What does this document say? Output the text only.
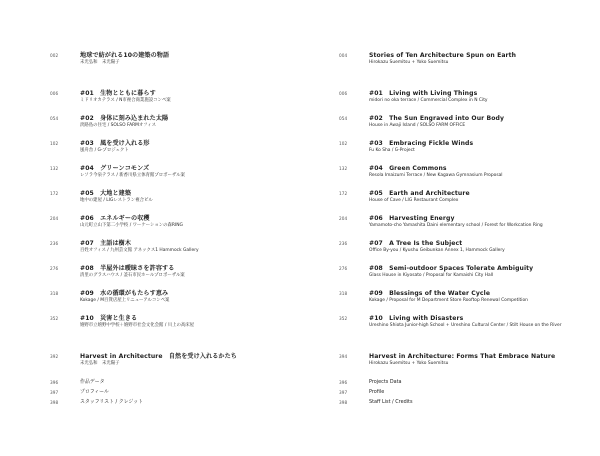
002	地球で紡がれる10の建築の物語
末光弘和　末光陽子
006	#01　生物とともに暮らす
ミドリオカテラス / N市複合商業施設コンペ案
054	#02　身体に刻み込まれた太陽
淡路島の住宅 / SOLSO FARMオフィス
102	#03　風を受け入れる形
風舟舎 / G-プロジェクト
132	#04　グリーンコモンズ
レソラ今泉テラス / 新香川県立体育館プロポーザル案
172	#05　大地と建築
地中の建屋 / LIGレストラン複合ビル
204	#06　エネルギーの収穫
山元町立山下第二小学校 / ワーケーションの森RING
236	#07　主語は樹木
百姓オフィス / 九州芸文館 アネックス1 Hammock Gallery
276	#08　半屋外は曖昧さを許容する
清里のグラスハウス / 釜石市民ホールプロポーザル案
318	#09　水の循環がもたらす恵み
Kokage / M百貨店屋上リニューアルコンペ案
352	#10　災害と生きる
嬉野市立嬉野中学校＋嬉野市社会文化会館 / 川上の高床屋
392	Harvest in Architecture　自然を受け入れるかたち
末光弘和　末光陽子
396	作品データ
397	プロフィール
398	スタッフリスト / クレジット
004	Stories of Ten Architecture Spun on Earth
Hirokazu Suemitsu + Yoko Suemitsu
006	#01　Living with Living Things
midori no oka terrace / Commercial Complex in N City
054	#02　The Sun Engraved into Our Body
House in Awaji Island / SOLSO FARM OFFICE
102	#03　Embracing Fickle Winds
Fu Ko Sha / G-Project
132	#04　Green Commons
Resola Imaizumi Terrace / New Kagawa Gymnasium Proposal
172	#05　Earth and Architecture
House of Cave / LIG Restaurant Complex
204	#06　Harvesting Energy
Yamamoto-cho Yamashita Daini elementary school / Forest for Workcation Ring
236	#07　A Tree Is the Subject
Office By-you / Kyushu Geibunkan Annex 1, Hammock Gallery
276	#08　Semi-outdoor Spaces Tolerate Ambiguity
Glass House in Kiyosato / Proposal for Kamaishi City Hall
318	#09　Blessings of the Water Cycle
Kokage / Proposal for M Department Store Rooftop Renewal Competition
352	#10　Living with Disasters
Ureshino Shiota Junior-high School + Ureshino Cultural Center / Stilt House on the River
394	Harvest in Architecture: Forms That Embrace Nature
Hirokazu Suemitsu + Yoko Suemitsu
396	Projects Data
397	Profile
398	Staff List / Credits
